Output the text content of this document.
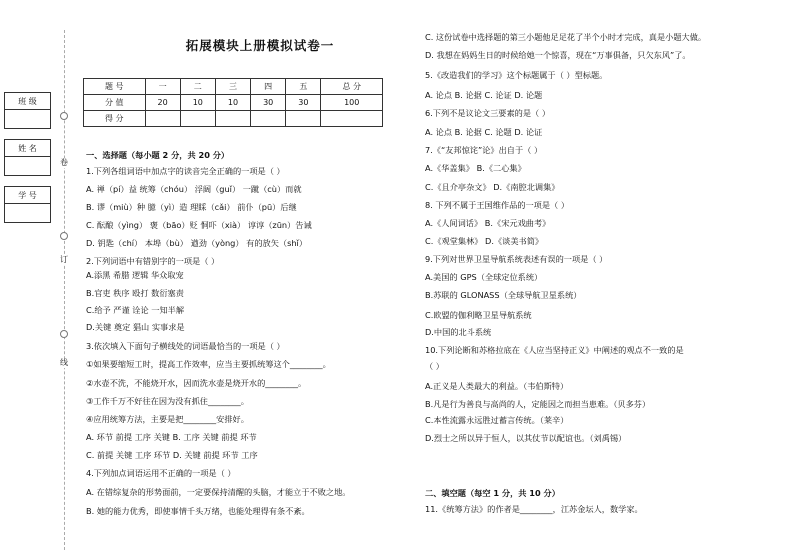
卷
订
线
班 级
姓 名
学 号
拓展模块上册模拟试卷一
题 号	一	二	三	四	五	总 分
分 值	20	10	10	30	30	100
得 分						
一、选择题（每小题 2 分，共 20 分）
1.下列各组词语中加点字的读音完全正确的一项是（ ）
A. 禅（pí）益 统筹（chóu） 浮阔（guǐ） 一蹴（cù）而就
B. 谬（miù）种 臆（yì）造 理睬（cǎi） 前仆（pū）后继
C. 酝酿（yìng） 褒（bāo）贬 恫吓（xià） 谆谆（zūn）告诫
D. 钥匙（chí） 本埠（bù） 遒劲（yòng） 有的放矢（shǐ）
2.下列词语中有错别字的一项是（ ）
A.添黑 希腊 逻辑 华众取宠
B.官吏 秩序 殴打 数衍塞责
C.给予 严谨 诠论 一知半解
D.关键 奠定 猖山 实事求是
3.依次填入下面句子横线处的词语最恰当的一项是（ ）
①如果要缩短工时，提高工作效率，应当主要抓统筹这个________。
②水壶不洗，不能烧开水，因而洗水壶是烧开水的________。
③工作千万不好往在因为没有抓住________。
④应用统筹方法，主要是把________安排好。
A. 环节 前提 工序 关键 B. 工序 关键 前提 环节
C. 前提 关键 工序 环节 D. 关键 前提 环节 工序
4.下列加点词语运用不正确的一项是（ ）
A. 在错综复杂的形势面前，一定要保持清醒的头脑，才能立于不败之地。
B. 她的能力优秀，即使事情千头万绪，也能处理得有条不紊。
C. 这份试卷中选择题的第三小题他足足花了半个小时才完成，真是小题大做。
D. 我想在妈妈生日的时候给她一个惊喜，现在“万事俱备，只欠东风”了。
5.《改造我们的学习》这个标题属于（ ）型标题。
A. 论点 B. 论据 C. 论证 D. 论题
6.下列不是议论文三要素的是（ ）
A. 论点 B. 论据 C. 论题 D. 论证
7.《“友邦惊诧”论》出自于（ ）
A.《华盖集》 B.《二心集》
C.《且介亭杂文》 D.《南腔北调集》
8. 下列不属于王国维作品的一项是（ ）
A.《人间词话》 B.《宋元戏曲考》
C.《观堂集林》 D.《谈美书简》
9.下列对世界卫星导航系统表述有误的一项是（ ）
A.美国的 GPS（全球定位系统）
B.苏联的 GLONASS（全球导航卫星系统）
C.欧盟的伽利略卫星导航系统
D.中国的北斗系统
10.下列论断和苏格拉底在《人应当坚持正义》中阐述的观点不一致的是
（ ）
A.正义是人类最大的利益。（韦伯斯特）
B.凡是行为善良与高尚的人，定能因之而担当患难。（贝多芬）
C.本性流露永远胜过蓄言传统。（莱辛）
D.烈士之所以异于恒人，以其仗节以配谊也。（刘禹锡）
二、填空题（每空 1 分，共 10 分）
11.《统筹方法》的作者是________，江苏金坛人，数学家。
